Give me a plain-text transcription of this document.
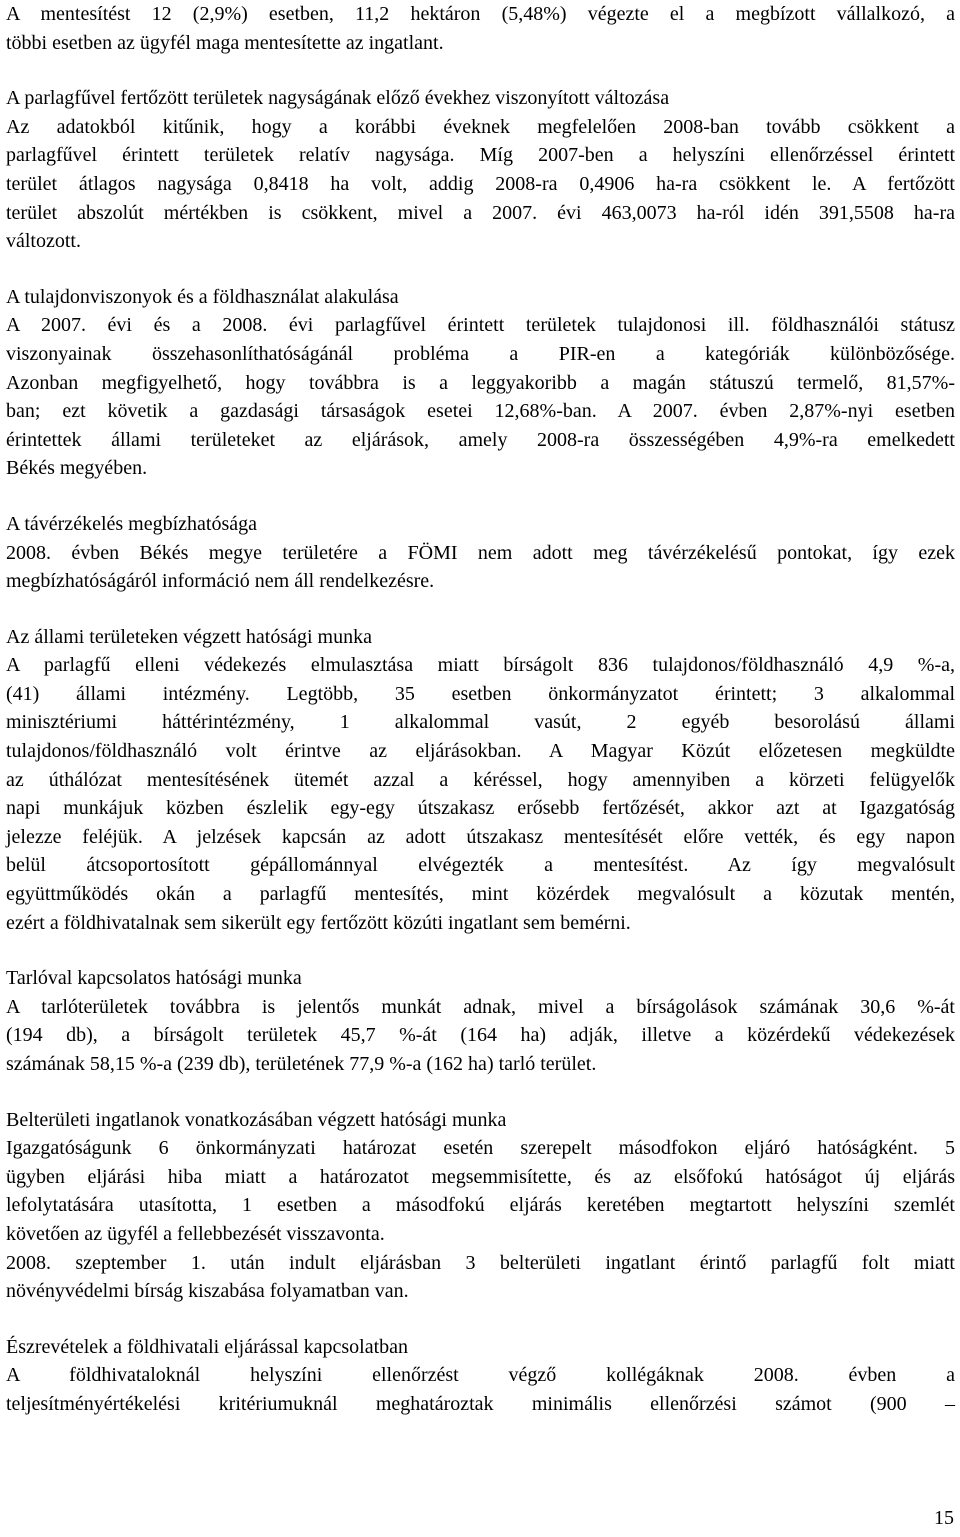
A mentesítést 12 (2,9%) esetben, 11,2 hektáron (5,48%) végezte el a megbízott vállalkozó, a
többi esetben az ügyfél maga mentesítette az ingatlant.
A parlagfűvel fertőzött területek nagyságának előző évekhez viszonyított változása
Az adatokból kitűnik, hogy a korábbi éveknek megfelelően 2008-ban tovább csökkent a
parlagfűvel érintett területek relatív nagysága. Míg 2007-ben a helyszíni ellenőrzéssel érintett
terület átlagos nagysága 0,8418 ha volt, addig 2008-ra 0,4906 ha-ra csökkent le. A fertőzött
terület abszolút mértékben is csökkent, mivel a 2007. évi 463,0073 ha-ról idén 391,5508 ha-ra
változott.
A tulajdonviszonyok és a földhasználat alakulása
A 2007. évi és a 2008. évi parlagfűvel érintett területek tulajdonosi ill. földhasználói státusz
viszonyainak összehasonlíthatóságánál probléma a PIR-en a kategóriák különbözősége.
Azonban megfigyelhető, hogy továbbra is a leggyakoribb a magán státuszú termelő, 81,57%-
ban; ezt követik a gazdasági társaságok esetei 12,68%-ban. A 2007. évben 2,87%-nyi esetben
érintettek állami területeket az eljárások, amely 2008-ra összességében 4,9%-ra emelkedett
Békés megyében.
A távérzékelés megbízhatósága
2008. évben Békés megye területére a FÖMI nem adott meg távérzékelésű pontokat, így ezek
megbízhatóságáról információ nem áll rendelkezésre.
Az állami területeken végzett hatósági munka
A parlagfű elleni védekezés elmulasztása miatt bírságolt 836 tulajdonos/földhasználó 4,9 %-a,
(41) állami intézmény. Legtöbb, 35 esetben önkormányzatot érintett; 3 alkalommal
minisztériumi háttérintézmény, 1 alkalommal vasút, 2 egyéb besorolású állami
tulajdonos/földhasználó volt érintve az eljárásokban. A Magyar Közút előzetesen megküldte
az úthálózat mentesítésének ütemét azzal a kéréssel, hogy amennyiben a körzeti felügyelők
napi munkájuk közben észlelik egy-egy útszakasz erősebb fertőzését, akkor azt at Igazgatóság
jelezze feléjük. A jelzések kapcsán az adott útszakasz mentesítését előre vették, és egy napon
belül átcsoportosított gépállománnyal elvégezték a mentesítést. Az így megvalósult
együttműködés okán a parlagfű mentesítés, mint közérdek megvalósult a közutak mentén,
ezért a földhivatalnak sem sikerült egy fertőzött közúti ingatlant sem bemérni.
Tarlóval kapcsolatos hatósági munka
A tarlóterületek továbbra is jelentős munkát adnak, mivel a bírságolások számának 30,6 %-át
(194 db), a bírságolt területek 45,7 %-át (164 ha) adják, illetve a közérdekű védekezések
számának 58,15 %-a (239 db), területének 77,9 %-a (162 ha) tarló terület.
Belterületi ingatlanok vonatkozásában végzett hatósági munka
Igazgatóságunk 6 önkormányzati határozat esetén szerepelt másodfokon eljáró hatóságként. 5
ügyben eljárási hiba miatt a határozatot megsemmisítette, és az elsőfokú hatóságot új eljárás
lefolytatására utasította, 1 esetben a másodfokú eljárás keretében megtartott helyszíni szemlét
követően az ügyfél a fellebbezését visszavonta.
2008. szeptember 1. után indult eljárásban 3 belterületi ingatlant érintő parlagfű folt miatt
növényvédelmi bírság kiszabása folyamatban van.
Észrevételek a földhivatali eljárással kapcsolatban
A földhivataloknál helyszíni ellenőrzést végző kollégáknak 2008. évben a
teljesítményértékelési kritériumuknál meghatároztak minimális ellenőrzési számot (900 –
15
